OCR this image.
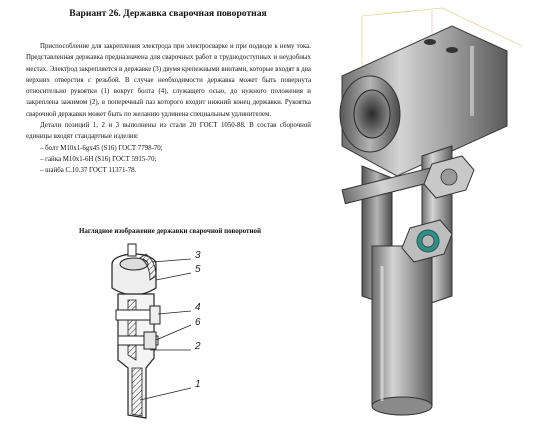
Вариант 26. Державка сварочная поворотная

Приспособление для закрепления электрода при электросварке и при подводе к нему тока. Представленная державка предназначена для сварочных работ в труднодоступных и неудобных местах. Электрод закрепляется в державке (3) двумя крепежными винтами, которые входят в два верхних отверстия с резьбой. В случае необходимости державка может быть повернута относительно рукоятки (1) вокруг болта (4), служащего осью, до нужного положения и закреплена зажимом (2), в поперечный паз которого входит нижний конец державки. Рукоятка сварочной державки может быть по желанию удлинена специальным удлинителем.

Детали позиций 1, 2 и 3 выполнены из стали 20 ГОСТ 1050-88. В состав сборочной единицы входят стандартные изделия:

– болт М10х1-6gх45 (S16) ГОСТ 7798-70;
– гайка М10х1-6Н (S16) ГОСТ 5915-70;
– шайба С.10.37 ГОСТ 11371-78.
Наглядное изображение державки сварочной поворотной
3
5
4
6
2
1
